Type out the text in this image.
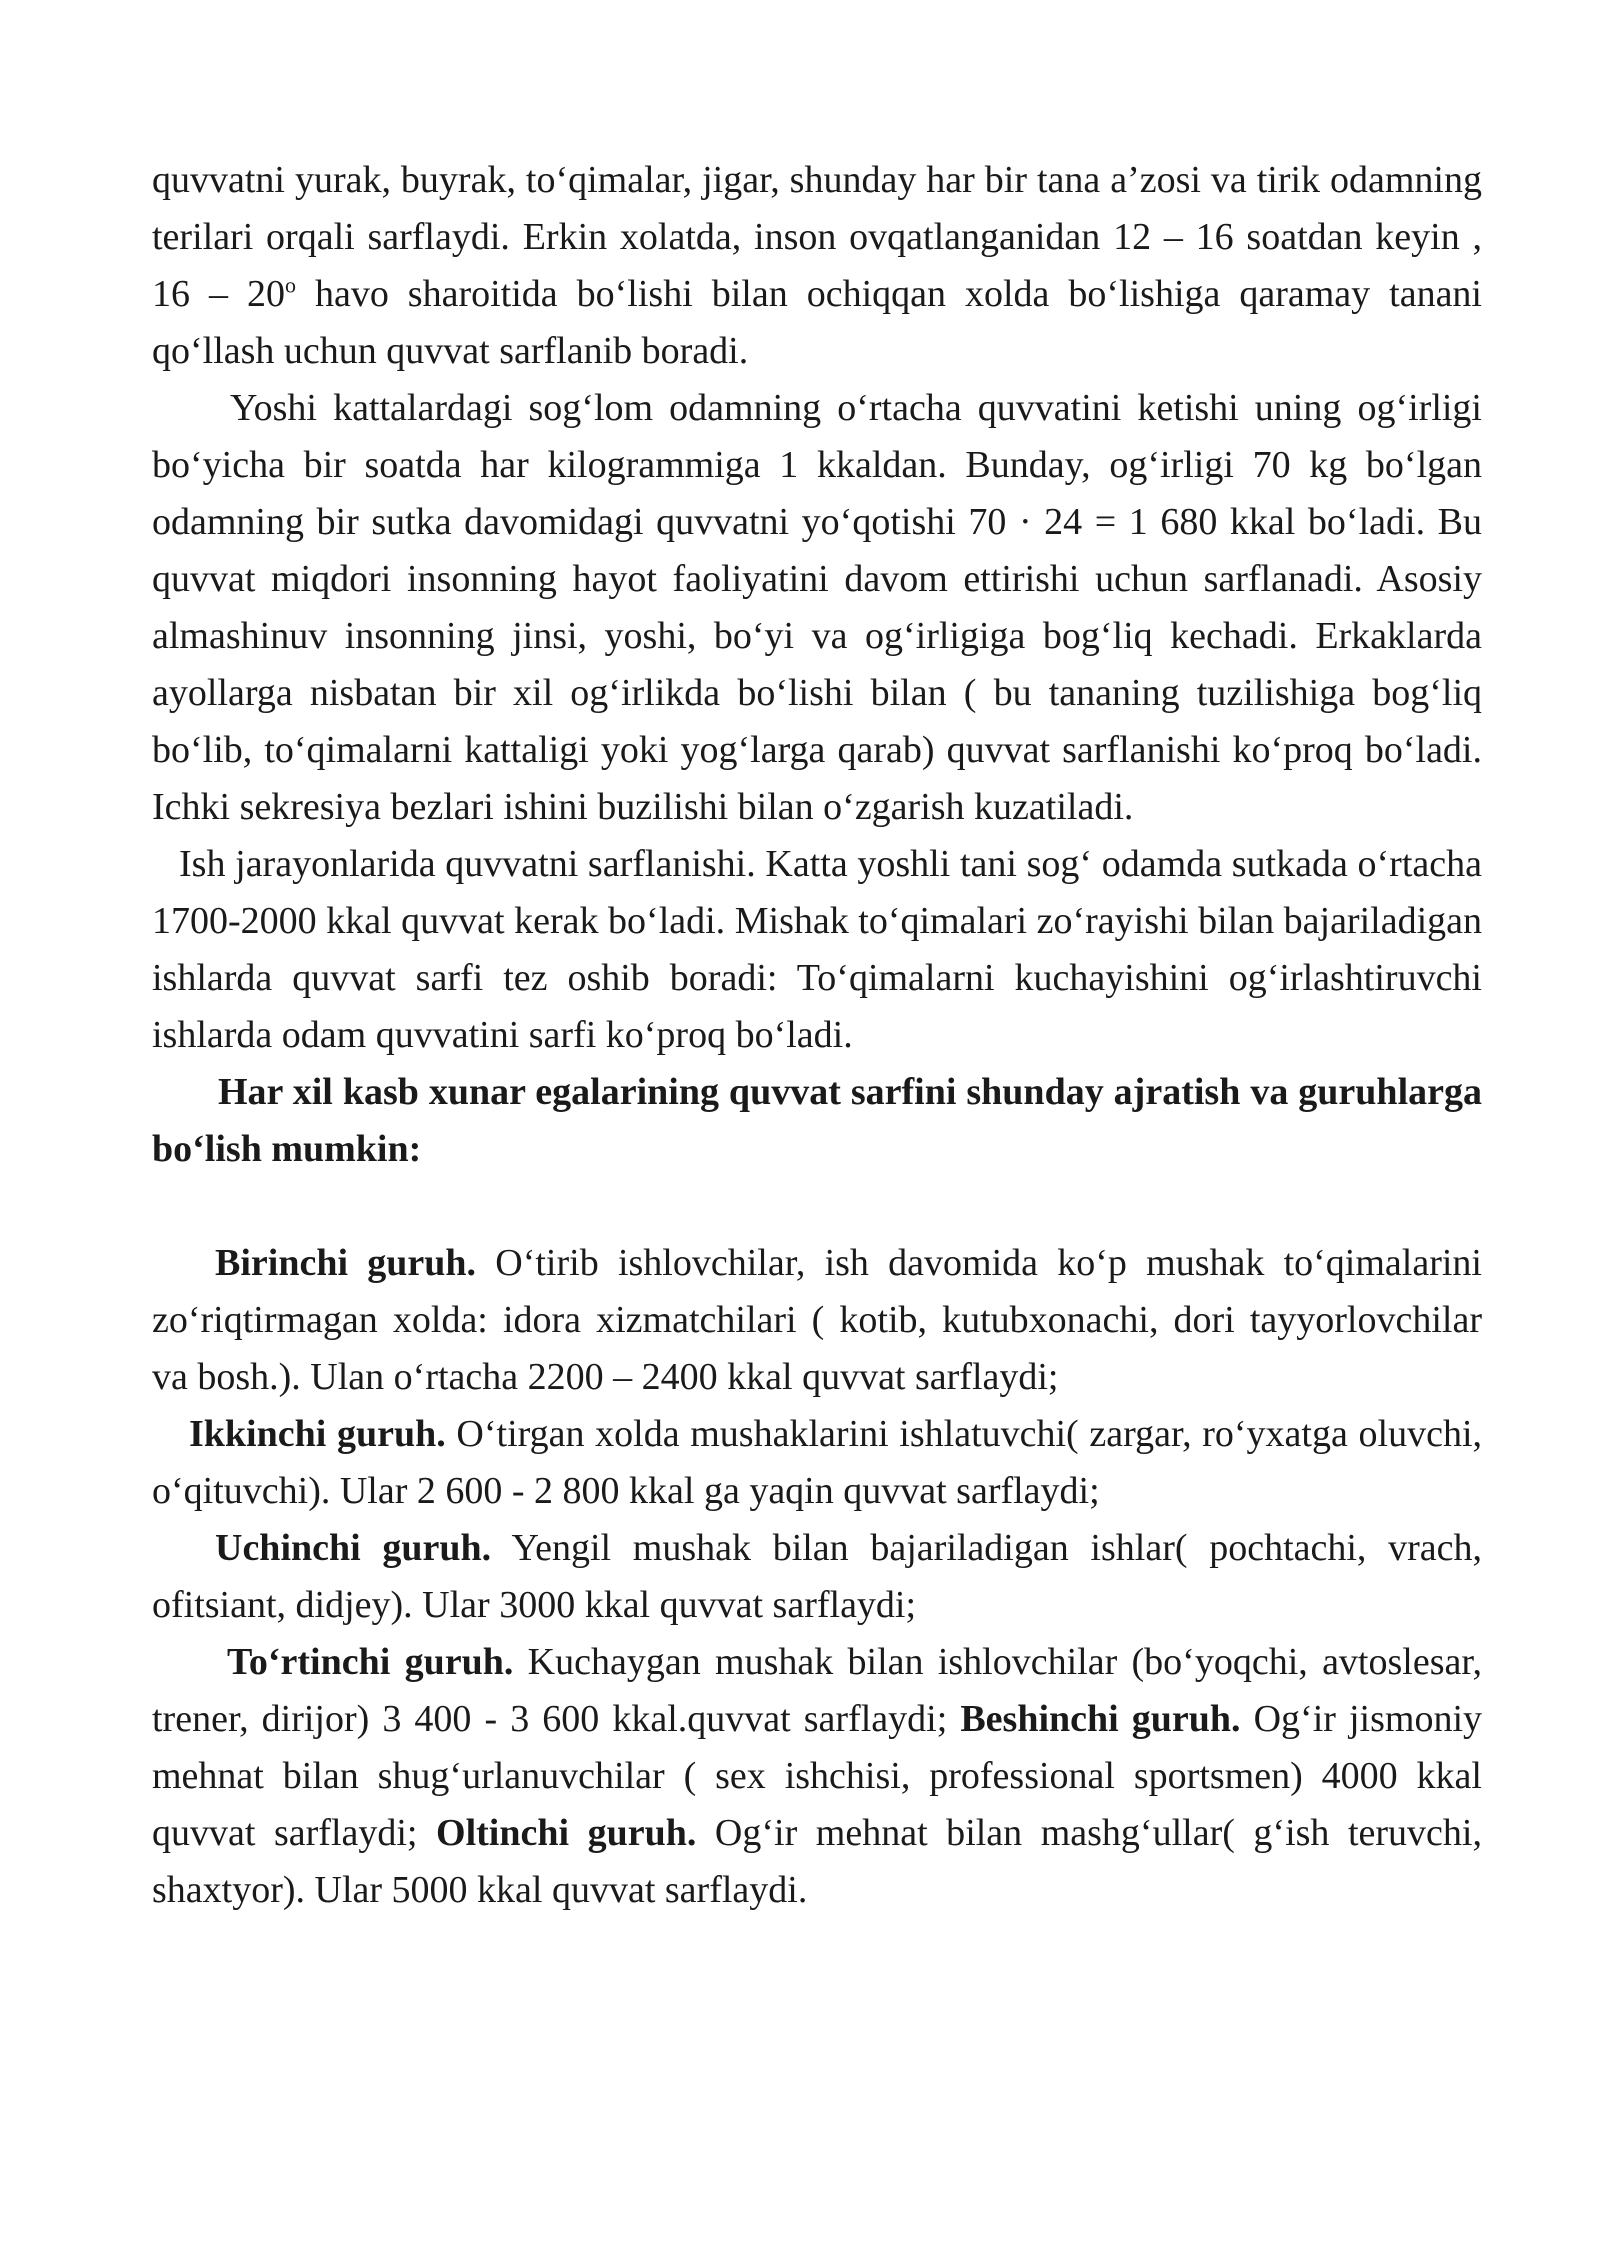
quvvatni yurak, buyrak, to‘qimalar, jigar, shunday har bir tana a’zosi va tirik odamning terilari orqali sarflaydi. Erkin xolatda, inson ovqatlanganidan 12 – 16 soatdan keyin , 16 – 20$^o$ havo sharoitida bo‘lishi bilan ochiqqan xolda bo‘lishiga qaramay tanani qo‘llash uchun quvvat sarflanib boradi.

Yoshi kattalardagi sog‘lom odamning o‘rtacha quvvatini ketishi uning og‘irligi bo‘yicha bir soatda har kilogrammiga 1 kkaldan. Bunday, og‘irligi 70 kg bo‘lgan odamning bir sutka davomidagi quvvatni yo‘qotishi 70 · 24 = 1 680 kkal bo‘ladi. Bu quvvat miqdori insonning hayot faoliyatini davom ettirishi uchun sarflanadi. Asosiy almashinuv insonning jinsi, yoshi, bo‘yi va og‘irligiga bog‘liq kechadi. Erkaklarda ayollarga nisbatan bir xil og‘irlikda bo‘lishi bilan ( bu tananing tuzilishiga bog‘liq bo‘lib, to‘qimalarni kattaligi yoki yog‘larga qarab) quvvat sarflanishi ko‘proq bo‘ladi. Ichki sekresiya bezlari ishini buzilishi bilan o‘zgarish kuzatiladi.

Ish jarayonlarida quvvatni sarflanishi. Katta yoshli tani sog‘ odamda sutkada o‘rtacha 1700-2000 kkal quvvat kerak bo‘ladi. Mishak to‘qimalari zo‘rayishi bilan bajariladigan ishlarda quvvat sarfi tez oshib boradi: To‘qimalarni kuchayishini og‘irlashtiruvchi ishlarda odam quvvatini sarfi ko‘proq bo‘ladi.

Har xil kasb xunar egalarining quvvat sarfini shunday ajratish va guruhlarga bo‘lish mumkin:

Birinchi guruh. O‘tirib ishlovchilar, ish davomida ko‘p mushak to‘qimalarini zo‘riqtirmagan xolda: idora xizmatchilari ( kotib, kutubxonachi, dori tayyorlovchilar va bosh.). Ulan o‘rtacha 2200 – 2400 kkal quvvat sarflaydi;

Ikkinchi guruh. O‘tirgan xolda mushaklarini ishlatuvchi( zargar, ro‘yxatga oluvchi, o‘qituvchi). Ular 2 600 - 2 800 kkal ga yaqin quvvat sarflaydi;

Uchinchi guruh. Yengil mushak bilan bajariladigan ishlar( pochtachi, vrach, ofitsiant, didjey). Ular 3000 kkal quvvat sarflaydi;

To‘rtinchi guruh. Kuchaygan mushak bilan ishlovchilar (bo‘yoqchi, avtoslesar, trener, dirijor) 3 400 - 3 600 kkal.quvvat sarflaydi; Beshinchi guruh. Og‘ir jismoniy mehnat bilan shug‘urlanuvchilar ( sex ishchisi, professional sportsmen) 4000 kkal quvvat sarflaydi; Oltinchi guruh. Og‘ir mehnat bilan mashg‘ullar( g‘ish teruvchi, shaxtyor). Ular 5000 kkal quvvat sarflaydi.
